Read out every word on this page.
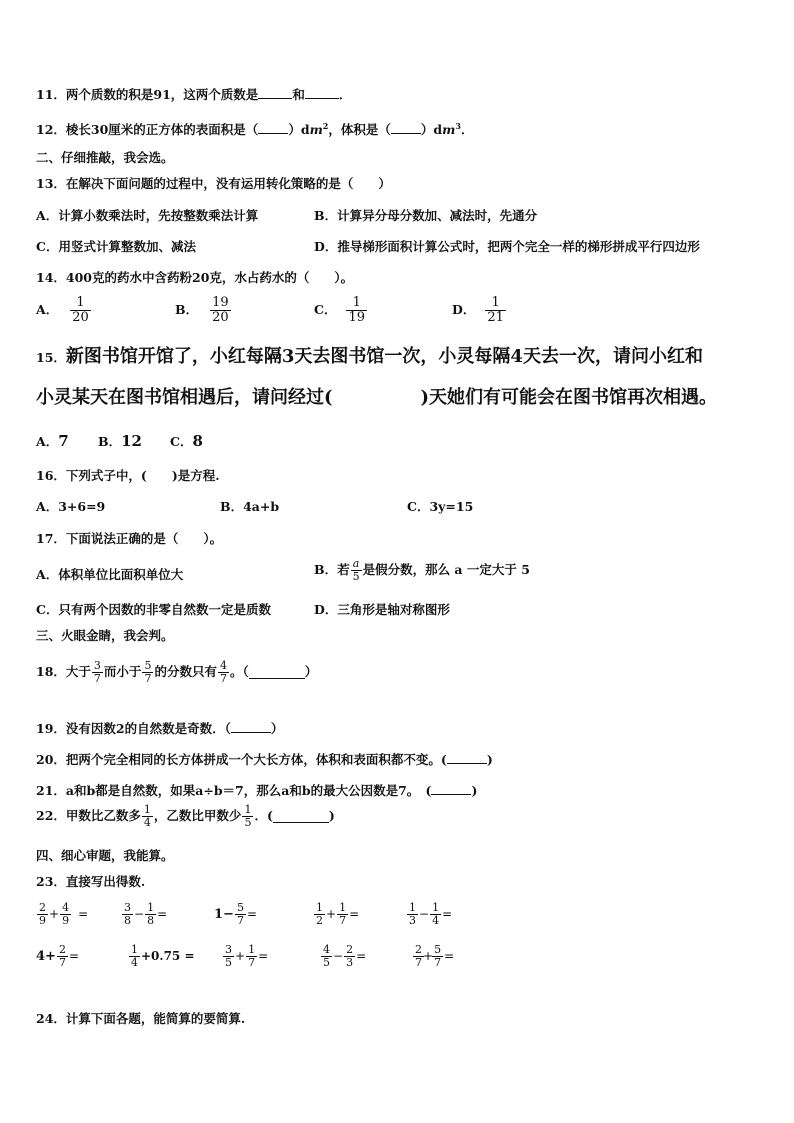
11．两个质数的积是91，这两个质数是	和	．
12．棱长30厘米的正方体的表面积是（ ）$dm^2$，体积是（ ）$dm^3$．
二、仔细推敲，我会选。
13．在解决下面问题的过程中，没有运用转化策略的是（　　）
A．计算小数乘法时，先按整数乘法计算	B．计算异分母分数加、减法时，先通分
C．用竖式计算整数加、减法	D．推导梯形面积计算公式时，把两个完全一样的梯形拼成平行四边形
14．400克的药水中含药粉20克，水占药水的（　　）。
A． $\frac{1}{20}$	B． $\frac{19}{20}$	C． $\frac{1}{19}$	D． $\frac{1}{21}$
15．新图书馆开馆了，小红每隔3天去图书馆一次，小灵每隔4天去一次，请问小红和
小灵某天在图书馆相遇后，请问经过(	)天她们有可能会在图书馆再次相遇。
A．7 B．12 C．8
16．下列式子中，(　　)是方程.
A．3+6=9	B．4a+b	C．3y=15
17．下面说法正确的是（　　）。
A．体积单位比面积单位大	B．若 $\frac{a}{5}$ 是假分数，那么 a 一定大于 5
C．只有两个因数的非零自然数一定是质数	D．三角形是轴对称图形
三、火眼金睛，我会判。
18． 大于 $\frac{3}{7}$ 而小于 $\frac{5}{7}$ 的分数只有 $\frac{4}{7}$ 。（	）
19．没有因数2的自然数是奇数．（	）
20．把两个完全相同的长方体拼成一个大长方体，体积和表面积都不变。(	)
21．a和b都是自然数，如果a÷b＝7，那么a和b的最大公因数是7。　(	)
22． 甲数比乙数多 $\frac{1}{4}$ ，乙数比甲数少 $\frac{1}{5}$ ．(	)
四、细心审题，我能算。
23．直接写出得数.
$\frac{2}{9} + \frac{4}{9}$ =	$\frac{3}{8} - \frac{1}{8}$ =	$1- \frac{5}{7}$ =	$\frac{1}{2} + \frac{1}{7}$ =	$\frac{1}{3} - \frac{1}{4}$ =
$4+ \frac{2}{7}$ =	$\frac{1}{4} +0.75$ =	$\frac{3}{5} + \frac{1}{7}$ =	$\frac{4}{5} - \frac{2}{3}$ =	$\frac{2}{7} + \frac{5}{7}$ =
24．计算下面各题，能简算的要简算.
